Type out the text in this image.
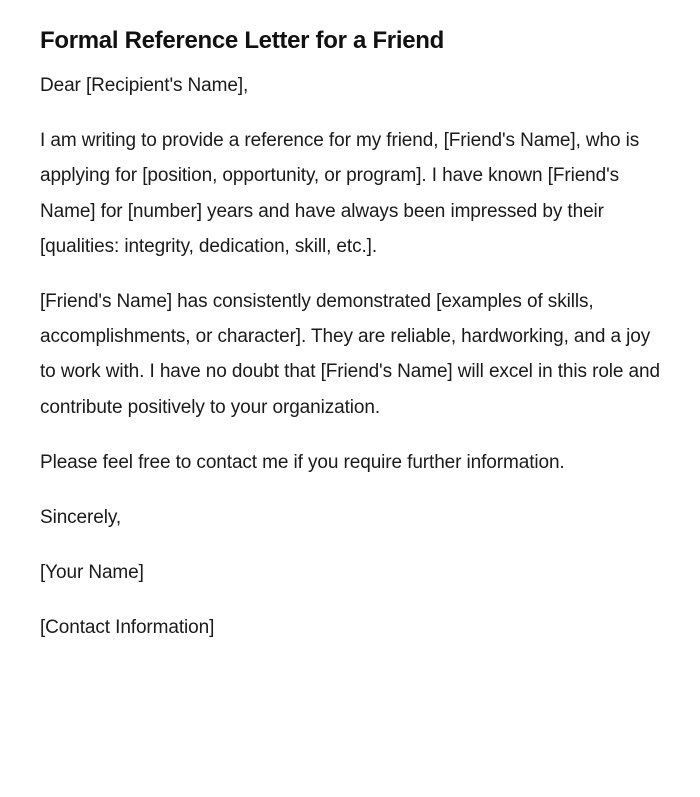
Formal Reference Letter for a Friend

Dear [Recipient's Name],

I am writing to provide a reference for my friend, [Friend's Name], who is applying for [position, opportunity, or program]. I have known [Friend's Name] for [number] years and have always been impressed by their [qualities: integrity, dedication, skill, etc.].

[Friend's Name] has consistently demonstrated [examples of skills, accomplishments, or character]. They are reliable, hardworking, and a joy to work with. I have no doubt that [Friend's Name] will excel in this role and contribute positively to your organization.

Please feel free to contact me if you require further information.

Sincerely,

[Your Name]

[Contact Information]
